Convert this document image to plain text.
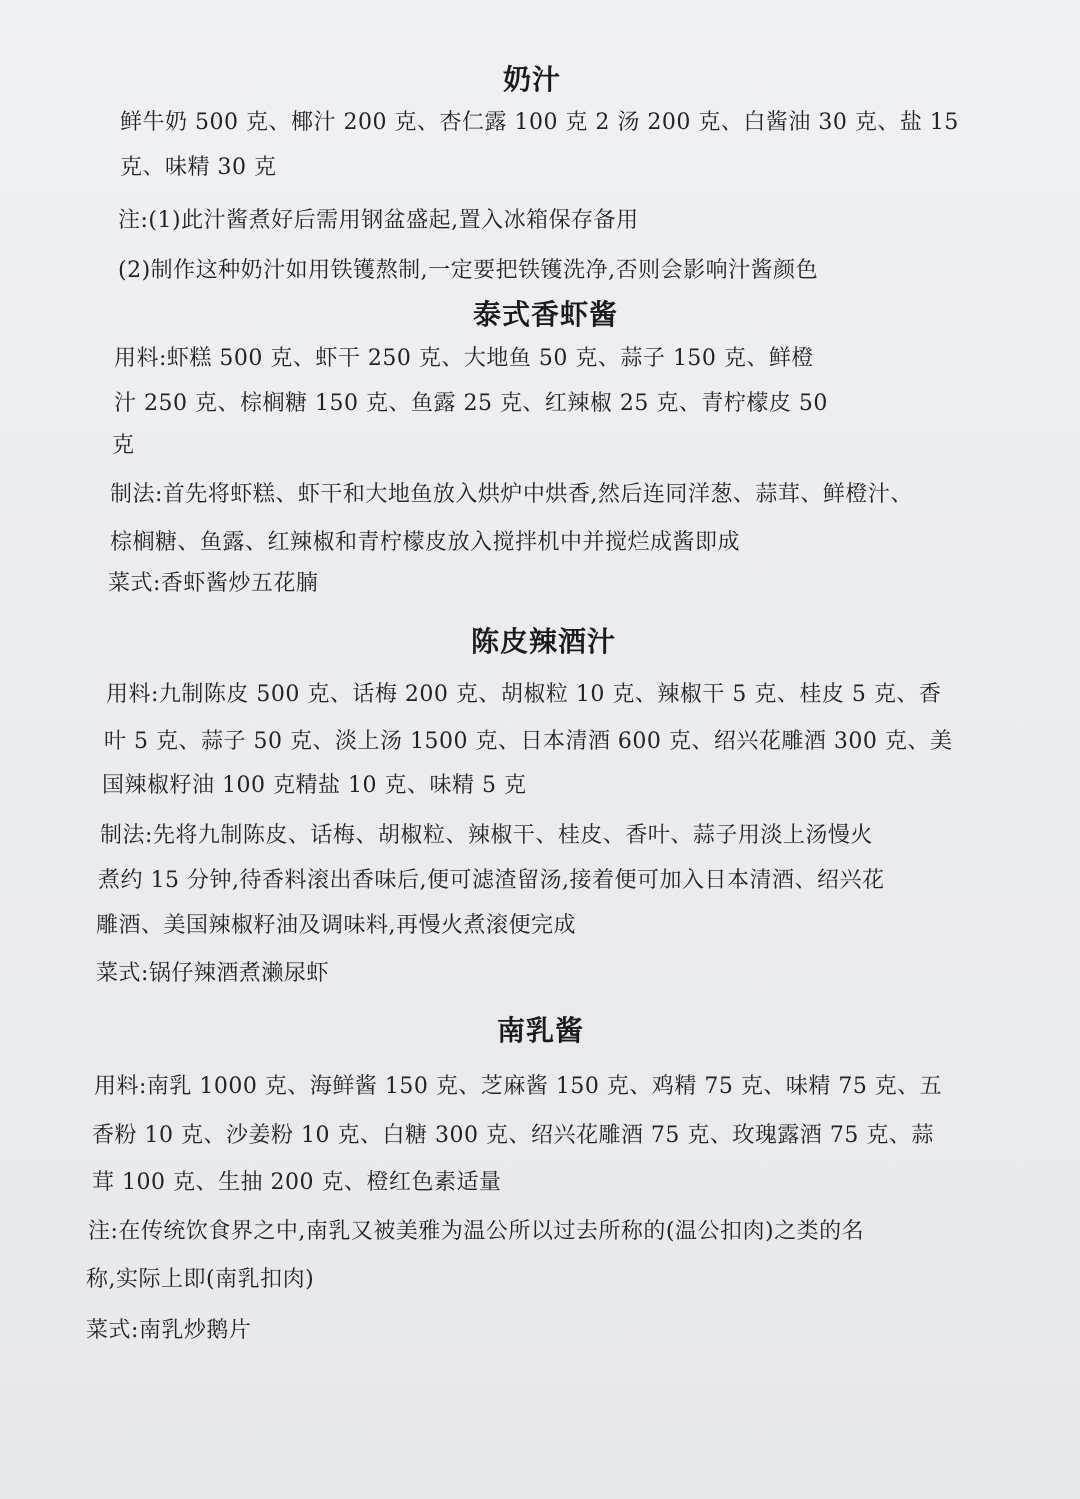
奶汁
鲜牛奶 500 克、椰汁 200 克、杏仁露 100 克 2 汤 200 克、白酱油 30 克、盐 15
克、味精 30 克
注:(1)此汁酱煮好后需用钢盆盛起,置入冰箱保存备用
(2)制作这种奶汁如用铁镬熬制,一定要把铁镬洗净,否则会影响汁酱颜色
泰式香虾酱
用料:虾糕 500 克、虾干 250 克、大地鱼 50 克、蒜子 150 克、鲜橙
汁 250 克、棕榈糖 150 克、鱼露 25 克、红辣椒 25 克、青柠檬皮 50
克
制法:首先将虾糕、虾干和大地鱼放入烘炉中烘香,然后连同洋葱、蒜茸、鲜橙汁、
棕榈糖、鱼露、红辣椒和青柠檬皮放入搅拌机中并搅烂成酱即成
菜式:香虾酱炒五花腩
陈皮辣酒汁
用料:九制陈皮 500 克、话梅 200 克、胡椒粒 10 克、辣椒干 5 克、桂皮 5 克、香
叶 5 克、蒜子 50 克、淡上汤 1500 克、日本清酒 600 克、绍兴花雕酒 300 克、美
国辣椒籽油 100 克精盐 10 克、味精 5 克
制法:先将九制陈皮、话梅、胡椒粒、辣椒干、桂皮、香叶、蒜子用淡上汤慢火
煮约 15 分钟,待香料滚出香味后,便可滤渣留汤,接着便可加入日本清酒、绍兴花
雕酒、美国辣椒籽油及调味料,再慢火煮滚便完成
菜式:锅仔辣酒煮濑尿虾
南乳酱
用料:南乳 1000 克、海鲜酱 150 克、芝麻酱 150 克、鸡精 75 克、味精 75 克、五
香粉 10 克、沙姜粉 10 克、白糖 300 克、绍兴花雕酒 75 克、玫瑰露酒 75 克、蒜
茸 100 克、生抽 200 克、橙红色素适量
注:在传统饮食界之中,南乳又被美雅为温公所以过去所称的(温公扣肉)之类的名
称,实际上即(南乳扣肉)
菜式:南乳炒鹅片
